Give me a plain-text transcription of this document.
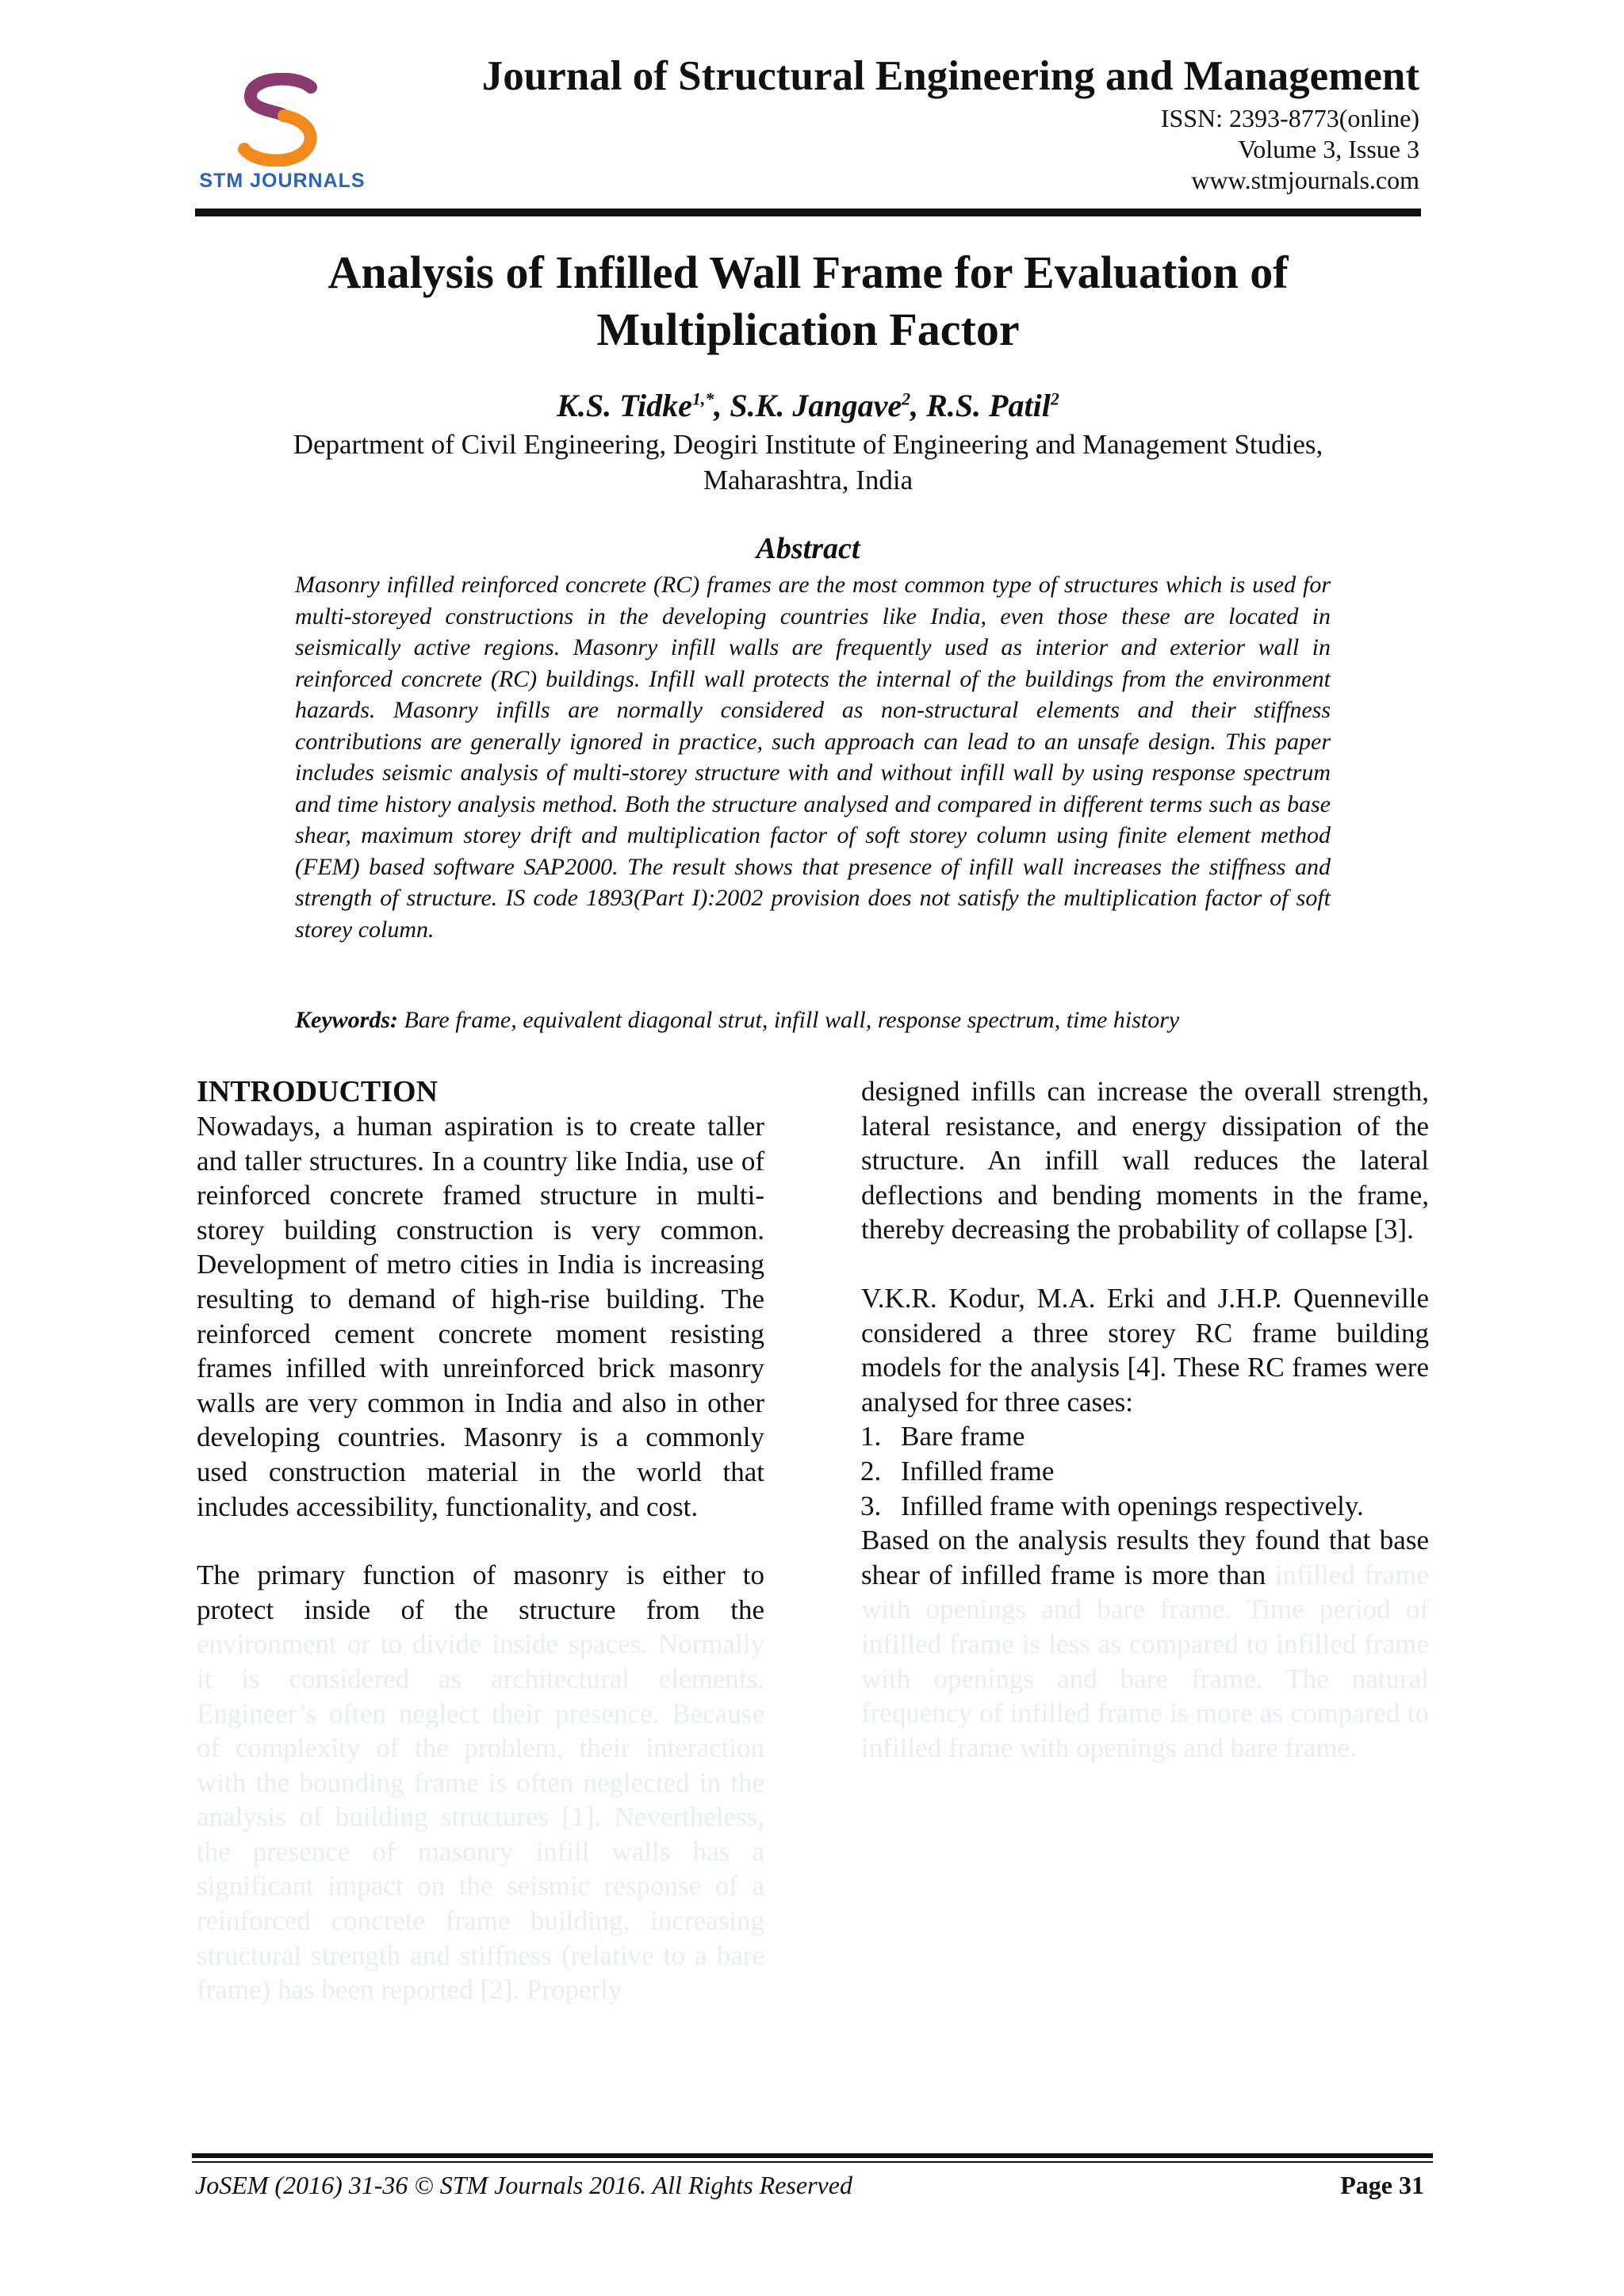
STM JOURNALS
Journal of Structural Engineering and Management
ISSN: 2393-8773(online)
Volume 3, Issue 3
www.stmjournals.com
Analysis of Infilled Wall Frame for Evaluation of
Multiplication Factor
K.S. Tidke$^{1,*}$, S.K. Jangave$^2$, R.S. Patil$^2$
Department of Civil Engineering, Deogiri Institute of Engineering and Management Studies,
Maharashtra, India
Abstract

Masonry infilled reinforced concrete (RC) frames are the most common type of structures which is used for multi-storeyed constructions in the developing countries like India, even those these are located in seismically active regions. Masonry infill walls are frequently used as interior and exterior wall in reinforced concrete (RC) buildings. Infill wall protects the internal of the buildings from the environment hazards. Masonry infills are normally considered as non-structural elements and their stiffness contributions are generally ignored in practice, such approach can lead to an unsafe design. This paper includes seismic analysis of multi-storey structure with and without infill wall by using response spectrum and time history analysis method. Both the structure analysed and compared in different terms such as base shear, maximum storey drift and multiplication factor of soft storey column using finite element method (FEM) based software SAP2000. The result shows that presence of infill wall increases the stiffness and strength of structure. IS code 1893(Part I):2002 provision does not satisfy the multiplication factor of soft storey column.

Keywords: Bare frame, equivalent diagonal strut, infill wall, response spectrum, time history
INTRODUCTION

Nowadays, a human aspiration is to create taller and taller structures. In a country like India, use of reinforced concrete framed structure in multi-storey building construction is very common. Development of metro cities in India is increasing resulting to demand of high-rise building. The reinforced cement concrete moment resisting frames infilled with unreinforced brick masonry walls are very common in India and also in other developing countries. Masonry is a commonly used construction material in the world that includes accessibility, functionality, and cost.

The primary function of masonry is either to protect inside of the structure from the environment or to divide inside spaces. Normally it is considered as architectural elements. Engineer’s often neglect their presence. Because of complexity of the problem, their interaction with the bounding frame is often neglected in the analysis of building structures [1]. Nevertheless, the presence of masonry infill walls has a significant impact on the seismic response of a reinforced concrete frame building, increasing structural strength and stiffness (relative to a bare frame) has been reported [2]. Properly

designed infills can increase the overall strength, lateral resistance, and energy dissipation of the structure. An infill wall reduces the lateral deflections and bending moments in the frame, thereby decreasing the probability of collapse [3].

V.K.R. Kodur, M.A. Erki and J.H.P. Quenneville considered a three storey RC frame building models for the analysis [4]. These RC frames were analysed for three cases:

1. Bare frame
2. Infilled frame
3. Infilled frame with openings respectively.

Based on the analysis results they found that base shear of infilled frame is more than infilled frame with openings and bare frame. Time period of infilled frame is less as compared to infilled frame with openings and bare frame. The natural frequency of infilled frame is more as compared to infilled frame with openings and bare frame.

JoSEM (2016) 31-36 © STM Journals 2016. All Rights Reserved	Page 31
